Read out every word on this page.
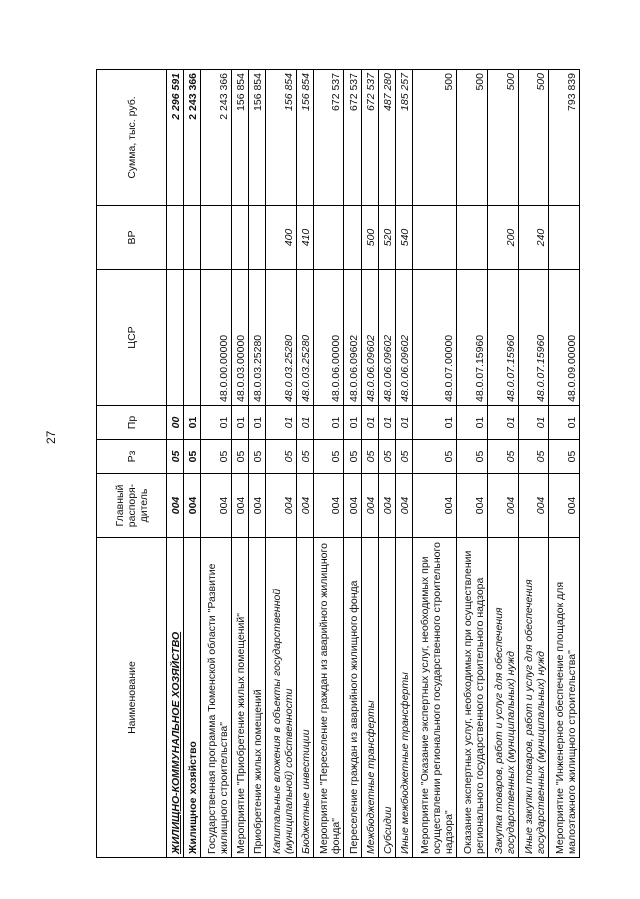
27
Наименование	Главный распоря-дитель	Рз	Пр	ЦСР	ВР	Сумма, тыс. руб.
ЖИЛИЩНО-КОММУНАЛЬНОЕ ХОЗЯЙСТВО	004	05	00			2 296 591
Жилищное хозяйство	004	05	01			2 243 366
Государственная программа Тюменской области "Развитие жилищного строительства"	004	05	01	48.0.00.00000		2 243 366
Мероприятие "Приобретение жилых помещений"	004	05	01	48.0.03.00000		156 854
Приобретение жилых помещений	004	05	01	48.0.03.25280		156 854
Капитальные вложения в объекты государственной (муниципальной) собственности	004	05	01	48.0.03.25280	400	156 854
Бюджетные инвестиции	004	05	01	48.0.03.25280	410	156 854
Мероприятие "Переселение граждан из аварийного жилищного фонда"	004	05	01	48.0.06.00000		672 537
Переселение граждан из аварийного жилищного фонда	004	05	01	48.0.06.09602		672 537
Межбюджетные трансферты	004	05	01	48.0.06.09602	500	672 537
Субсидии	004	05	01	48.0.06.09602	520	487 280
Иные межбюджетные трансферты	004	05	01	48.0.06.09602	540	185 257
Мероприятие "Оказание экспертных услуг, необходимых при осуществлении регионального государственного строительного надзора"	004	05	01	48.0.07.00000		500
Оказание экспертных услуг, необходимых при осуществлении регионального государственного строительного надзора	004	05	01	48.0.07.15960		500
Закупка товаров, работ и услуг для обеспечения государственных (муниципальных) нужд	004	05	01	48.0.07.15960	200	500
Иные закупки товаров, работ и услуг для обеспечения государственных (муниципальных) нужд	004	05	01	48.0.07.15960	240	500
Мероприятие "Инженерное обеспечение площадок для малоэтажного жилищного строительства"	004	05	01	48.0.09.00000		793 839
